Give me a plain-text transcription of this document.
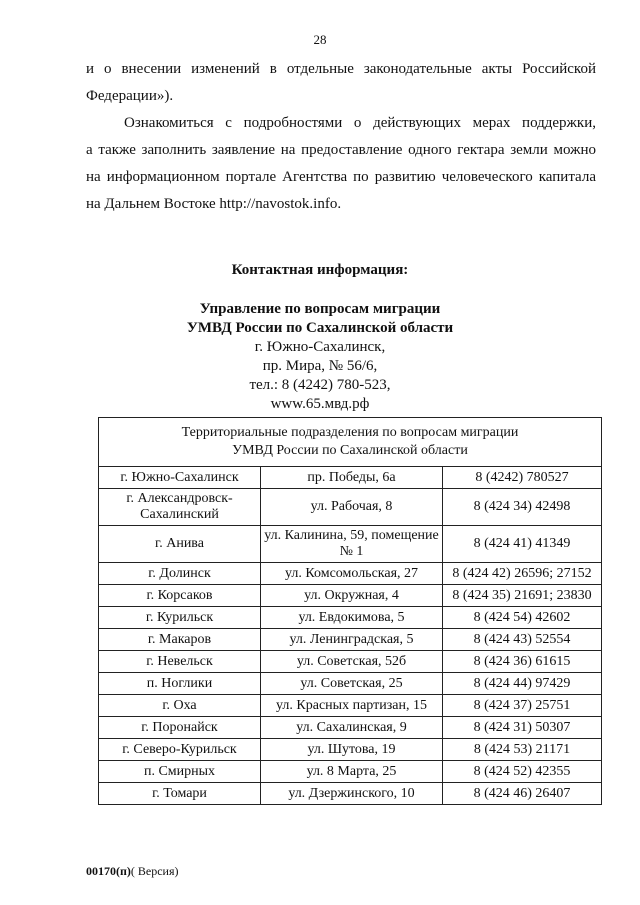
28

и о внесении изменений в отдельные законодательные акты Российской
Федерации»).

Ознакомиться с подробностями о действующих мерах поддержки,
а также заполнить заявление на предоставление одного гектара земли можно
на информационном портале Агентства по развитию человеческого капитала
на Дальнем Востоке http://navostok.info.

Контактная информация:
Управление по вопросам миграции
УМВД России по Сахалинской области
г. Южно-Сахалинск,
пр. Мира, № 56/6,
тел.: 8 (4242) 780-523,
www.65.мвд.рф
Территориальные подразделения по вопросам миграции
УМВД России по Сахалинской области		
г. Южно-Сахалинск	пр. Победы, 6а	8 (4242) 780527
г. Александровск-Сахалинский	ул. Рабочая, 8	8 (424 34) 42498
г. Анива	ул. Калинина, 59, помещение № 1	8 (424 41) 41349
г. Долинск	ул. Комсомольская, 27	8 (424 42) 26596; 27152
г. Корсаков	ул. Окружная, 4	8 (424 35) 21691; 23830
г. Курильск	ул. Евдокимова, 5	8 (424 54) 42602
г. Макаров	ул. Ленинградская, 5	8 (424 43) 52554
г. Невельск	ул. Советская, 52б	8 (424 36) 61615
п. Ноглики	ул. Советская, 25	8 (424 44) 97429
г. Оха	ул. Красных партизан, 15	8 (424 37) 25751
г. Поронайск	ул. Сахалинская, 9	8 (424 31) 50307
г. Северо-Курильск	ул. Шутова, 19	8 (424 53) 21171
п. Смирных	ул. 8 Марта, 25	8 (424 52) 42355
г. Томари	ул. Дзержинского, 10	8 (424 46) 26407
00170(п)( Версия)
